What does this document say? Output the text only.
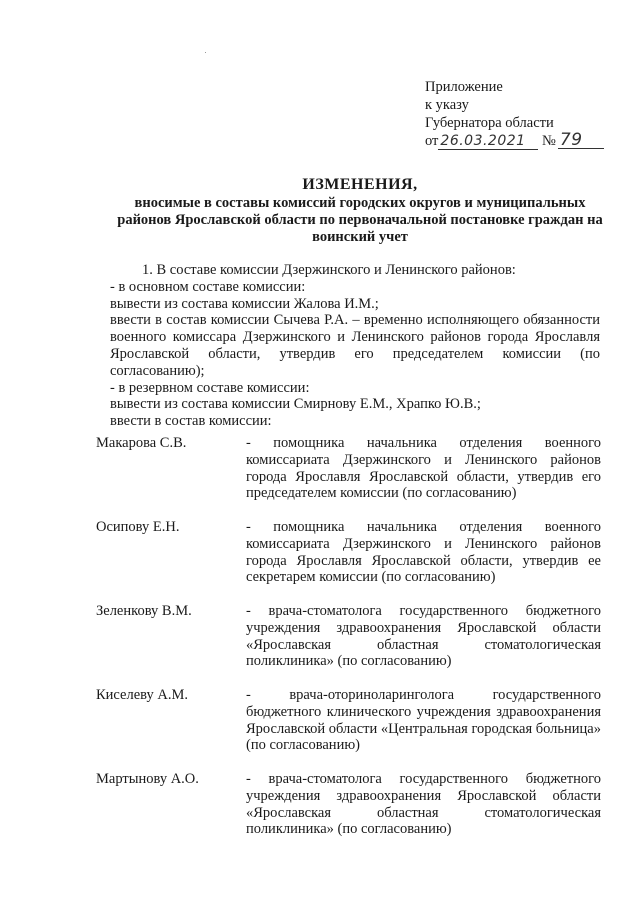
Приложение
к указу
Губернатора области
от 26.03.2021 № 79
ИЗМЕНЕНИЯ,
вносимые в составы комиссий городских округов и муниципальных районов Ярославской области по первоначальной постановке граждан на воинский учет

1. В составе комиссии Дзержинского и Ленинского районов:

- в основном составе комиссии:

вывести из состава комиссии Жалова И.М.;

ввести в состав комиссии Сычева Р.А. – временно исполняющего обязанности военного комиссара Дзержинского и Ленинского районов города Ярославля Ярославской области, утвердив его председателем комиссии (по согласованию);

- в резервном составе комиссии:

вывести из состава комиссии Смирнову Е.М., Храпко Ю.В.;

ввести в состав комиссии:

Макарова С.В.	- помощника начальника отделения военного комиссариата Дзержинского и Ленинского районов города Ярославля Ярославской области, утвердив его председателем комиссии (по согласованию)
Осипову Е.Н.	- помощника начальника отделения военного комиссариата Дзержинского и Ленинского районов города Ярославля Ярославской области, утвердив ее секретарем комиссии (по согласованию)
Зеленкову В.М.	- врача-стоматолога государственного бюджетного учреждения здравоохранения Ярославской области «Ярославская областная стоматологическая поликлиника» (по согласованию)
Киселеву А.М.	- врача-оториноларинголога государственного бюджетного клинического учреждения здравоохранения Ярославской области «Центральная городская больница» (по согласованию)
Мартынову А.О.	- врача-стоматолога государственного бюджетного учреждения здравоохранения Ярославской области «Ярославская областная стоматологическая поликлиника» (по согласованию)
